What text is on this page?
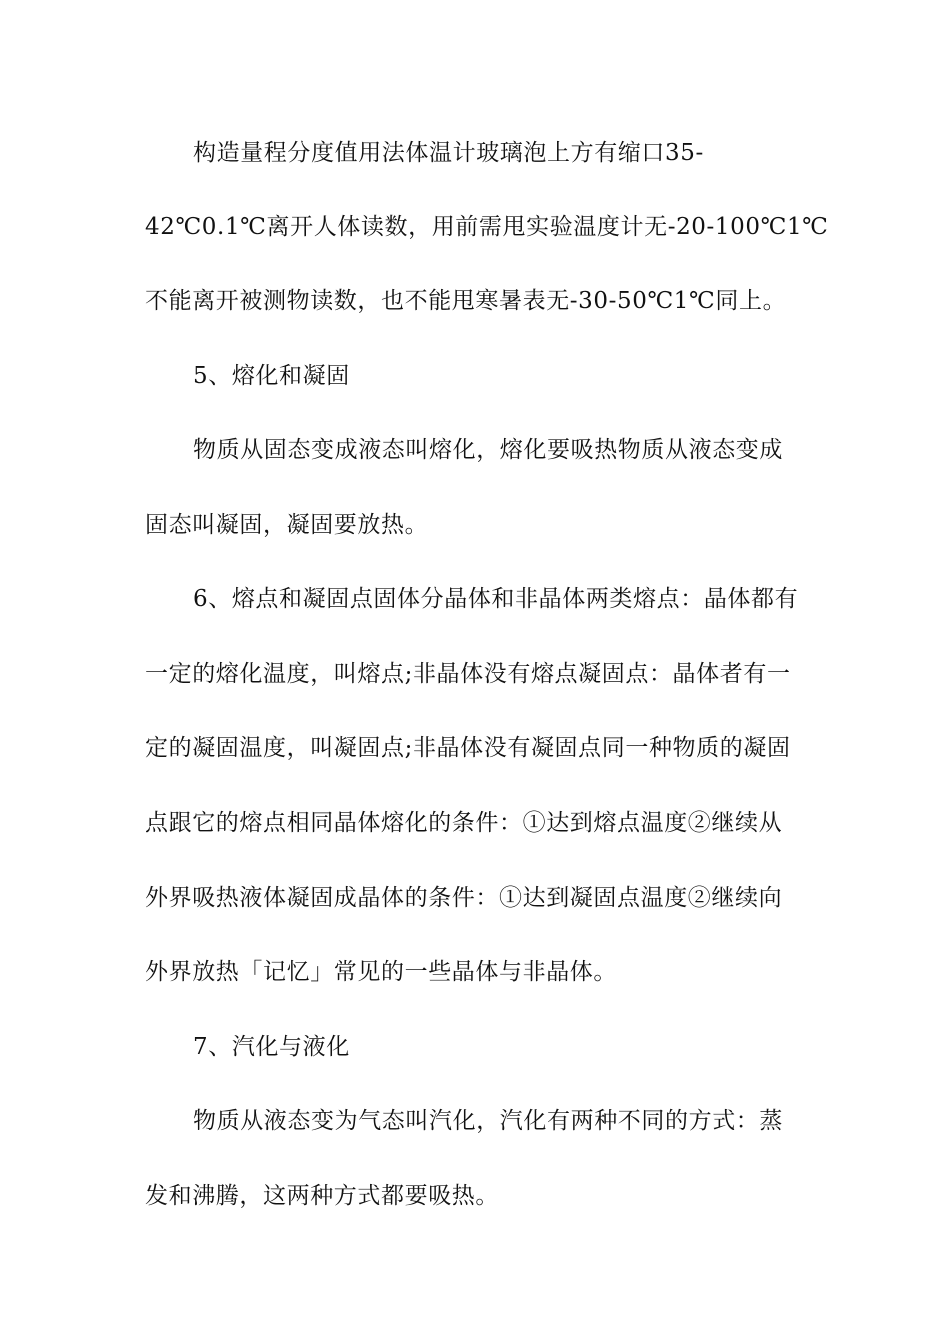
构造量程分度值用法体温计玻璃泡上方有缩口35-
42℃0.1℃离开人体读数，用前需甩实验温度计无-20-100℃1℃
不能离开被测物读数，也不能甩寒暑表无-30-50℃1℃同上。
5、熔化和凝固
物质从固态变成液态叫熔化，熔化要吸热物质从液态变成
固态叫凝固，凝固要放热。
6、熔点和凝固点固体分晶体和非晶体两类熔点：晶体都有
一定的熔化温度，叫熔点;非晶体没有熔点凝固点：晶体者有一
定的凝固温度，叫凝固点;非晶体没有凝固点同一种物质的凝固
点跟它的熔点相同晶体熔化的条件：①达到熔点温度②继续从
外界吸热液体凝固成晶体的条件：①达到凝固点温度②继续向
外界放热「记忆」常见的一些晶体与非晶体。
7、汽化与液化
物质从液态变为气态叫汽化，汽化有两种不同的方式：蒸
发和沸腾，这两种方式都要吸热。
